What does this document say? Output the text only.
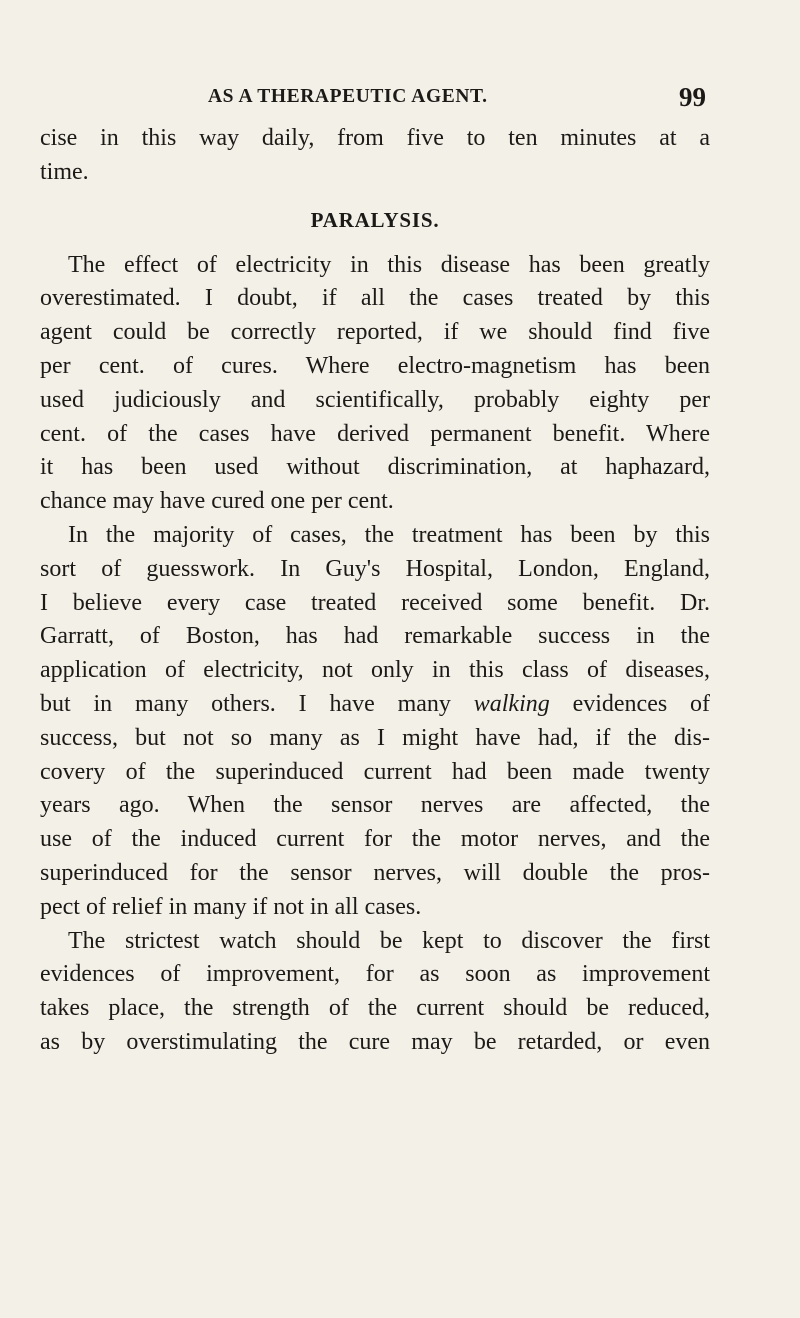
AS A THERAPEUTIC AGENT.	99
cise in this way daily, from five to ten minutes at a
time.
PARALYSIS.
The effect of electricity in this disease has been greatly
overestimated. I doubt, if all the cases treated by this
agent could be correctly reported, if we should find five
per cent. of cures. Where electro-magnetism has been
used judiciously and scientifically, probably eighty per
cent. of the cases have derived permanent benefit. Where
it has been used without discrimination, at haphazard,
chance may have cured one per cent.
In the majority of cases, the treatment has been by this
sort of guesswork. In Guy's Hospital, London, England,
I believe every case treated received some benefit. Dr.
Garratt, of Boston, has had remarkable success in the
application of electricity, not only in this class of diseases,
but in many others. I have many walking evidences of
success, but not so many as I might have had, if the dis-
covery of the superinduced current had been made twenty
years ago. When the sensor nerves are affected, the
use of the induced current for the motor nerves, and the
superinduced for the sensor nerves, will double the pros-
pect of relief in many if not in all cases.
The strictest watch should be kept to discover the first
evidences of improvement, for as soon as improvement
takes place, the strength of the current should be reduced,
as by overstimulating the cure may be retarded, or even
